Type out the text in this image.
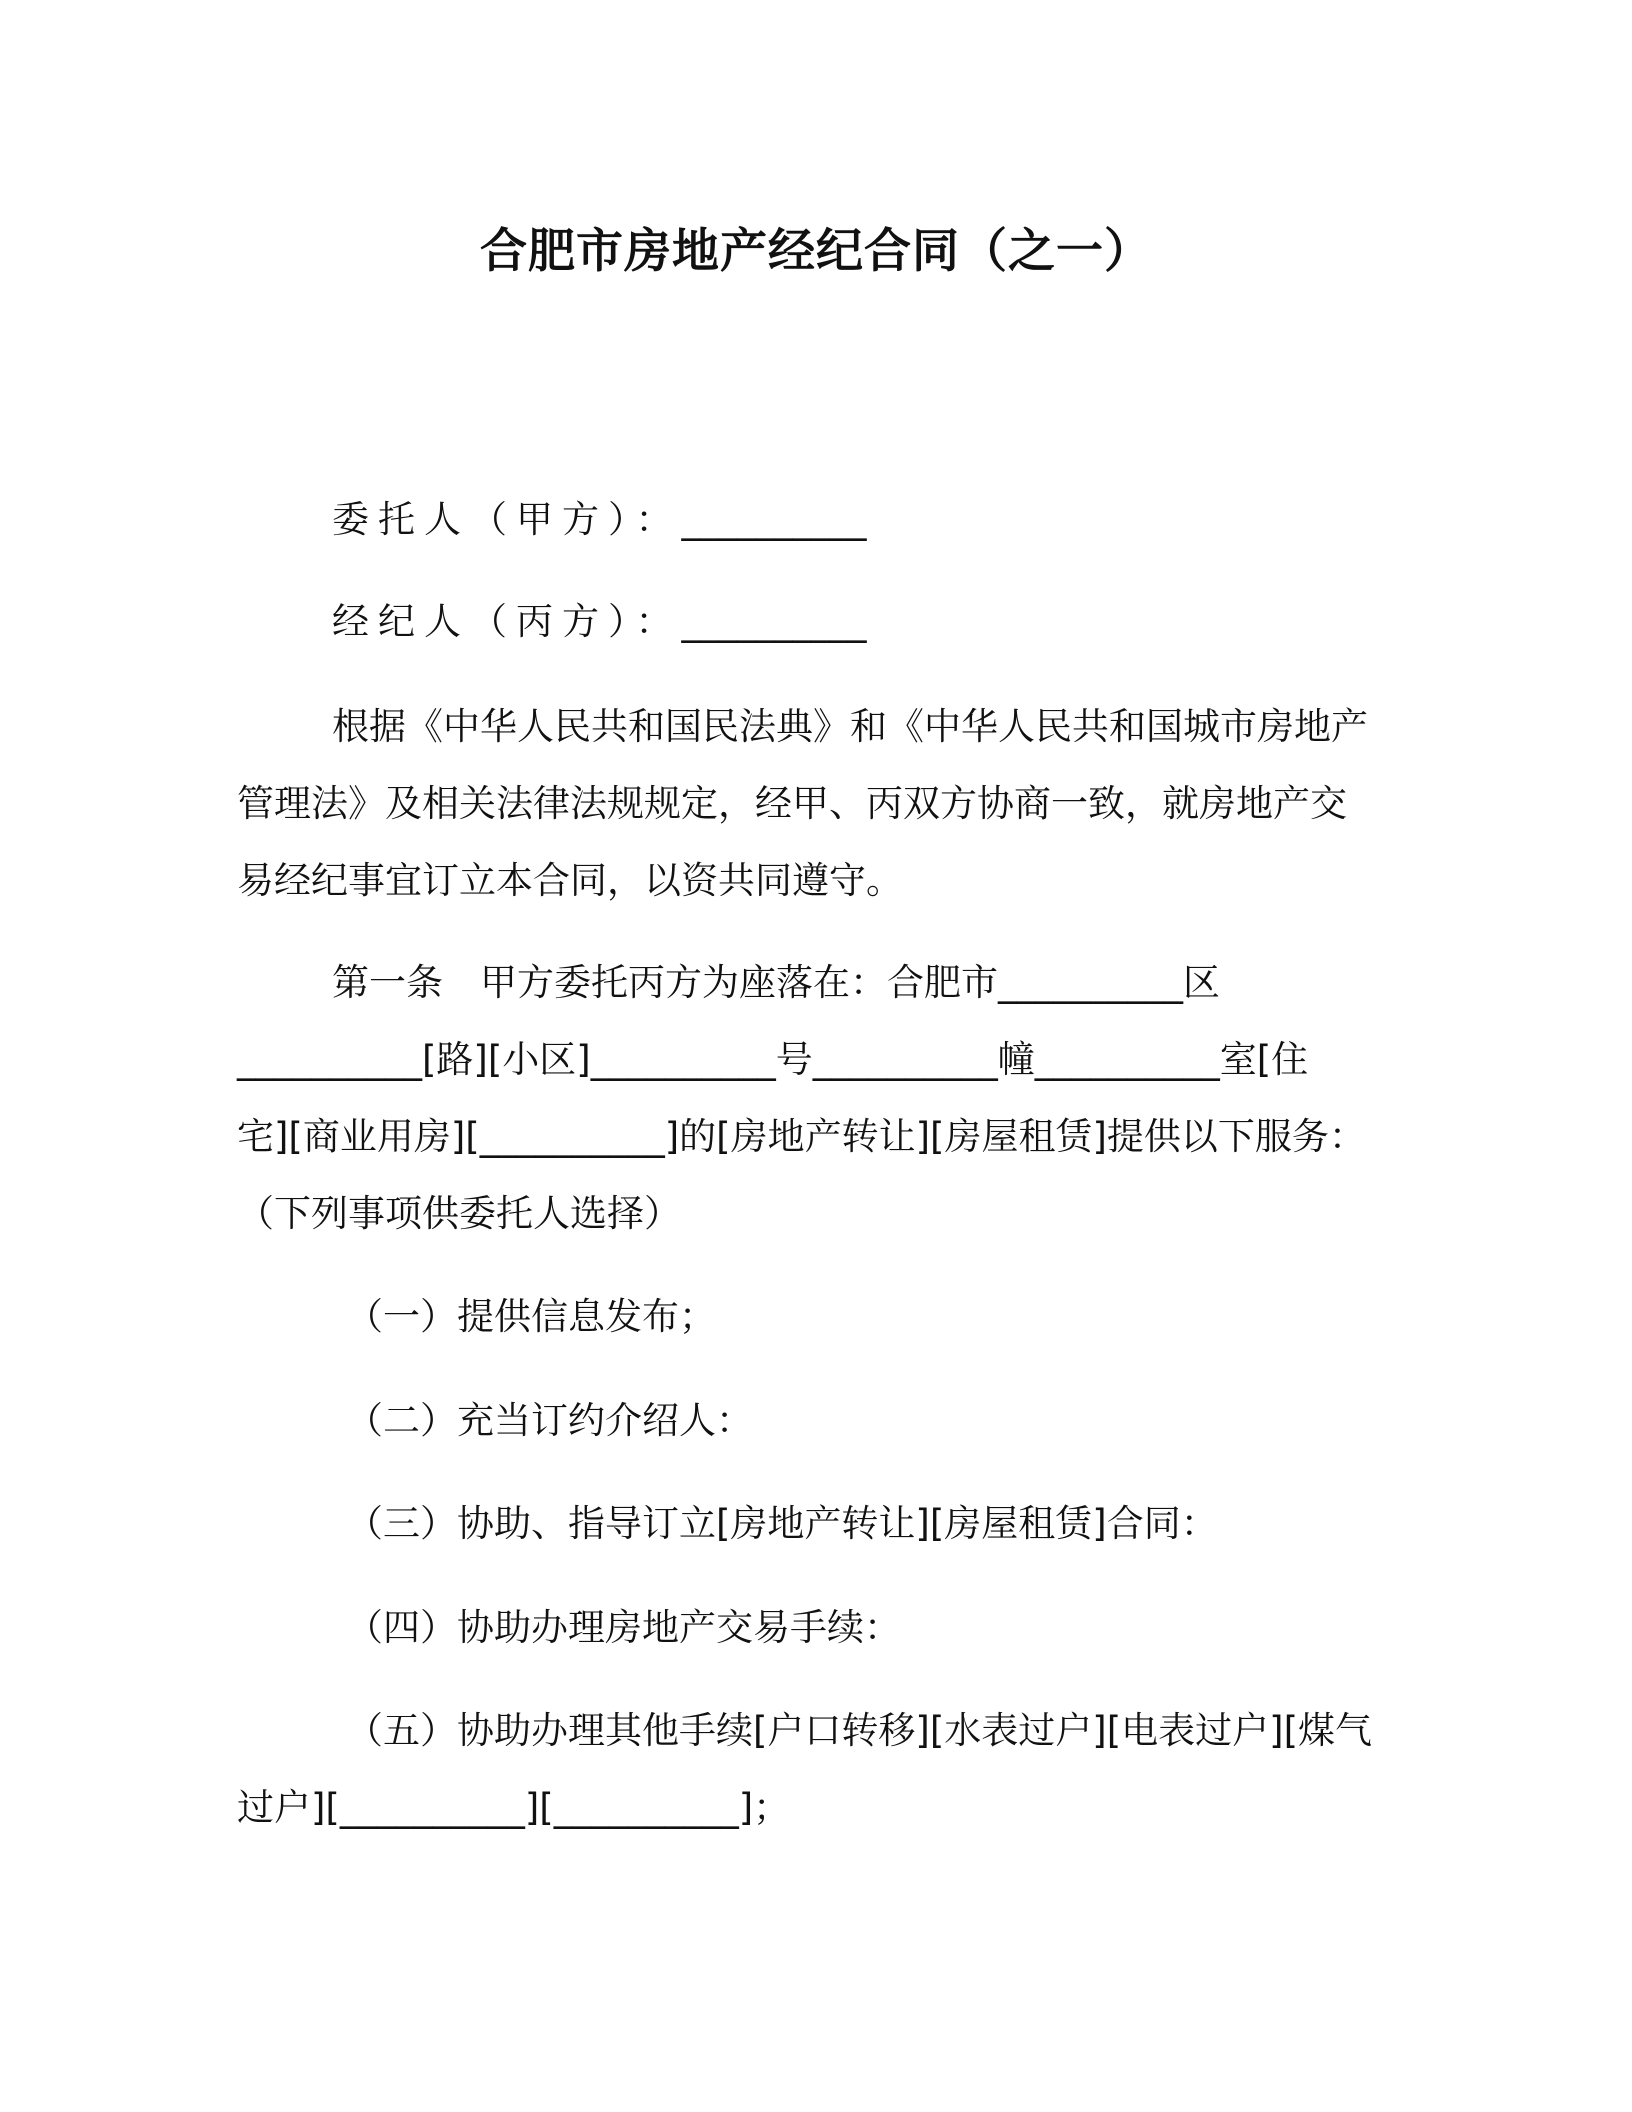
合肥市房地产经纪合同（之一）
委托人（甲方）：__________
经纪人（丙方）：__________

根据《中华人民共和国民法典》和《中华人民共和国城市房地产

管理法》及相关法律法规规定，经甲、丙双方协商一致，就房地产交

易经纪事宜订立本合同，以资共同遵守。

第一条　甲方委托丙方为座落在：合肥市__________区

__________[路][小区]__________号__________幢__________室[住

宅][商业用房][__________]的[房地产转让][房屋租赁]提供以下服务：

（下列事项供委托人选择）

（一）提供信息发布；

（二）充当订约介绍人：

（三）协助、指导订立[房地产转让][房屋租赁]合同：

（四）协助办理房地产交易手续：

（五）协助办理其他手续[户口转移][水表过户][电表过户][煤气

过户][__________][__________]；
